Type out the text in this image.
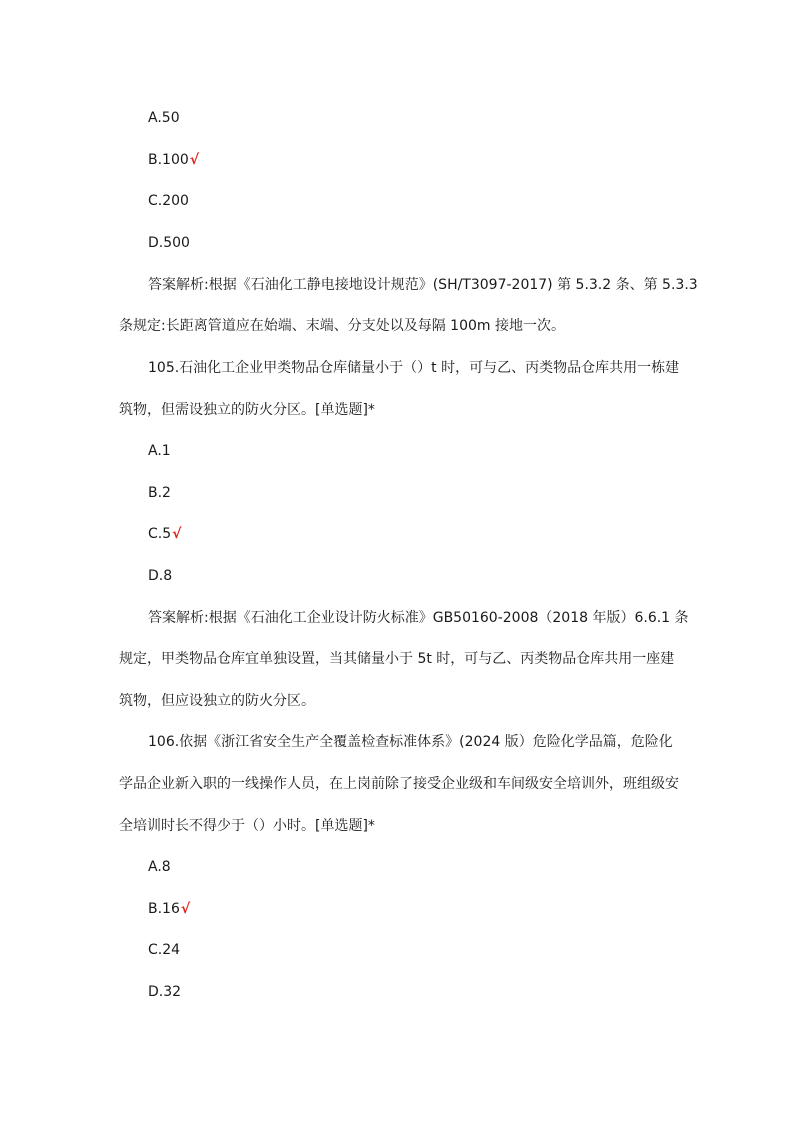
A.50
B.100√
C.200
D.500
答案解析:根据《石油化工静电接地设计规范》(SH/T3097-2017) 第 5.3.2 条、第 5.3.3
条规定:长距离管道应在始端、末端、分支处以及每隔 100m 接地一次。
105.石油化工企业甲类物品仓库储量小于（）t 时，可与乙、丙类物品仓库共用一栋建
筑物，但需设独立的防火分区。[单选题]*
A.1
B.2
C.5√
D.8
答案解析:根据《石油化工企业设计防火标准》GB50160-2008（2018 年版）6.6.1 条
规定，甲类物品仓库宜单独设置，当其储量小于 5t 时，可与乙、丙类物品仓库共用一座建
筑物，但应设独立的防火分区。
106.依据《浙江省安全生产全覆盖检查标准体系》(2024 版）危险化学品篇，危险化
学品企业新入职的一线操作人员，在上岗前除了接受企业级和车间级安全培训外，班组级安
全培训时长不得少于（）小时。[单选题]*
A.8
B.16√
C.24
D.32
